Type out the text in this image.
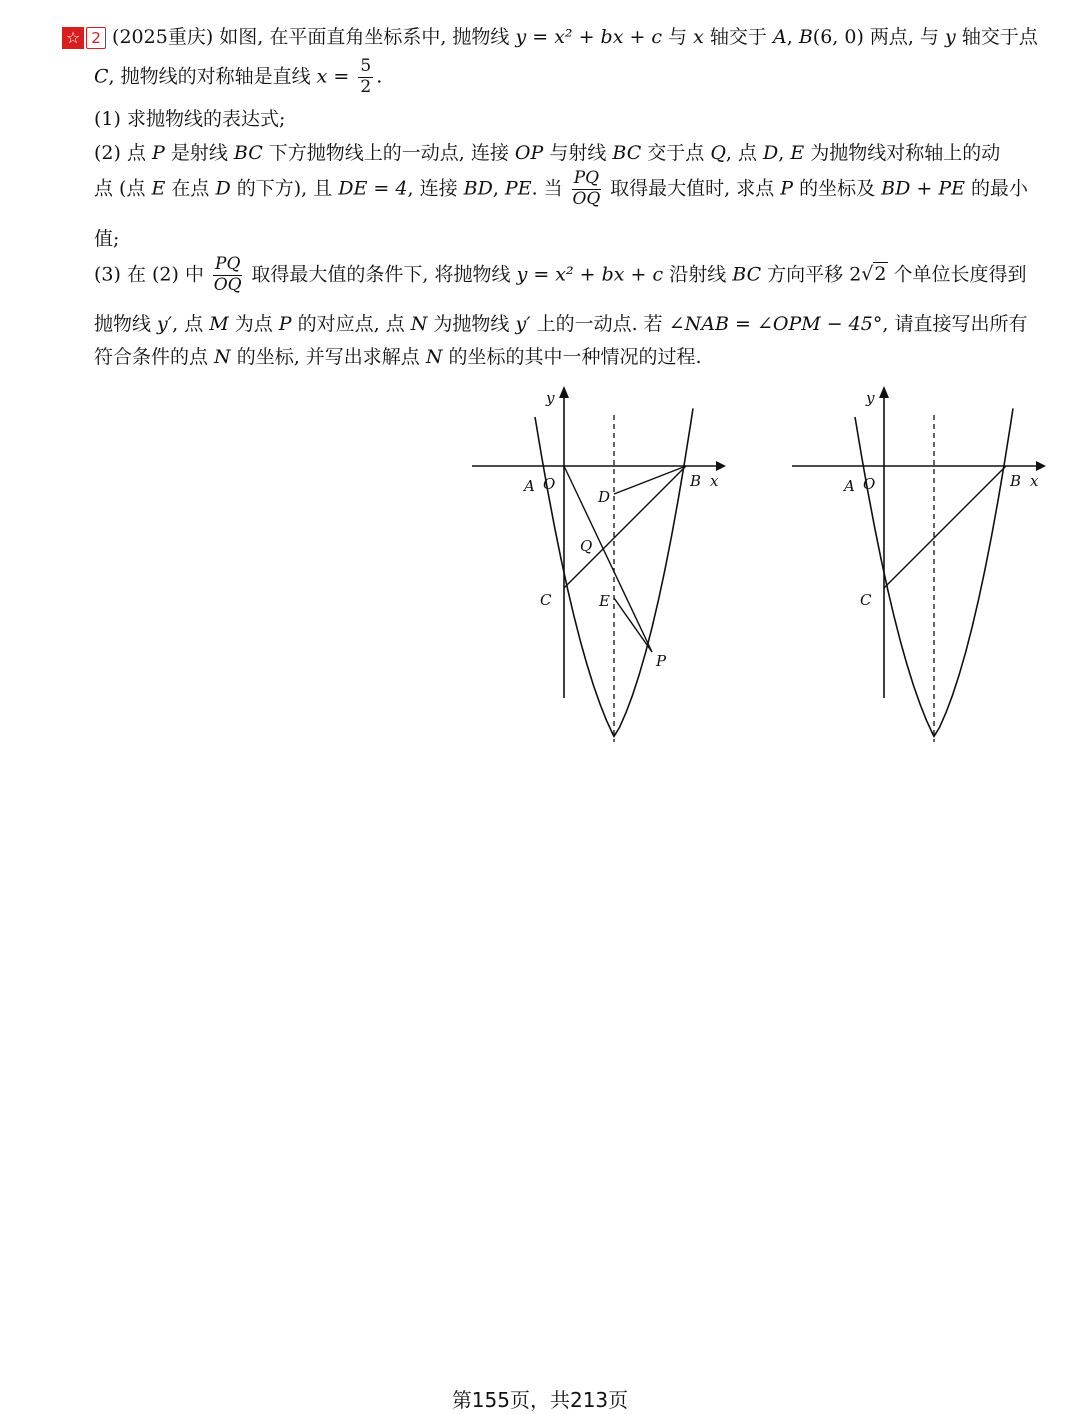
☆ 2 (2025重庆) 如图, 在平面直角坐标系中, 抛物线 y = x² + bx + c 与 x 轴交于 A, B(6, 0) 两点, 与 y 轴交于点
C, 抛物线的对称轴是直线 $x = \frac{5}{2}$ .
(1) 求抛物线的表达式;
(2) 点 P 是射线 BC 下方抛物线上的一动点, 连接 OP 与射线 BC 交于点 Q, 点 D, E 为抛物线对称轴上的动
点 (点 E 在点 D 的下方), 且 DE = 4, 连接 BD, PE. 当 $\frac{PQ}{OQ}$ 取得最大值时, 求点 P 的坐标及 BD + PE 的最小
值;
(3) 在 (2) 中 $\frac{PQ}{OQ}$ 取得最大值的条件下, 将抛物线 y = x² + bx + c 沿射线 BC 方向平移 2√2 个单位长度得到
抛物线 y′, 点 M 为点 P 的对应点, 点 N 为抛物线 y′ 上的一动点. 若 ∠NAB = ∠OPM − 45°, 请直接写出所有
符合条件的点 N 的坐标, 并写出求解点 N 的坐标的其中一种情况的过程.
y
A O	B x
D
Q
C	E
P
y
A O	B x
C
第155页，共213页
